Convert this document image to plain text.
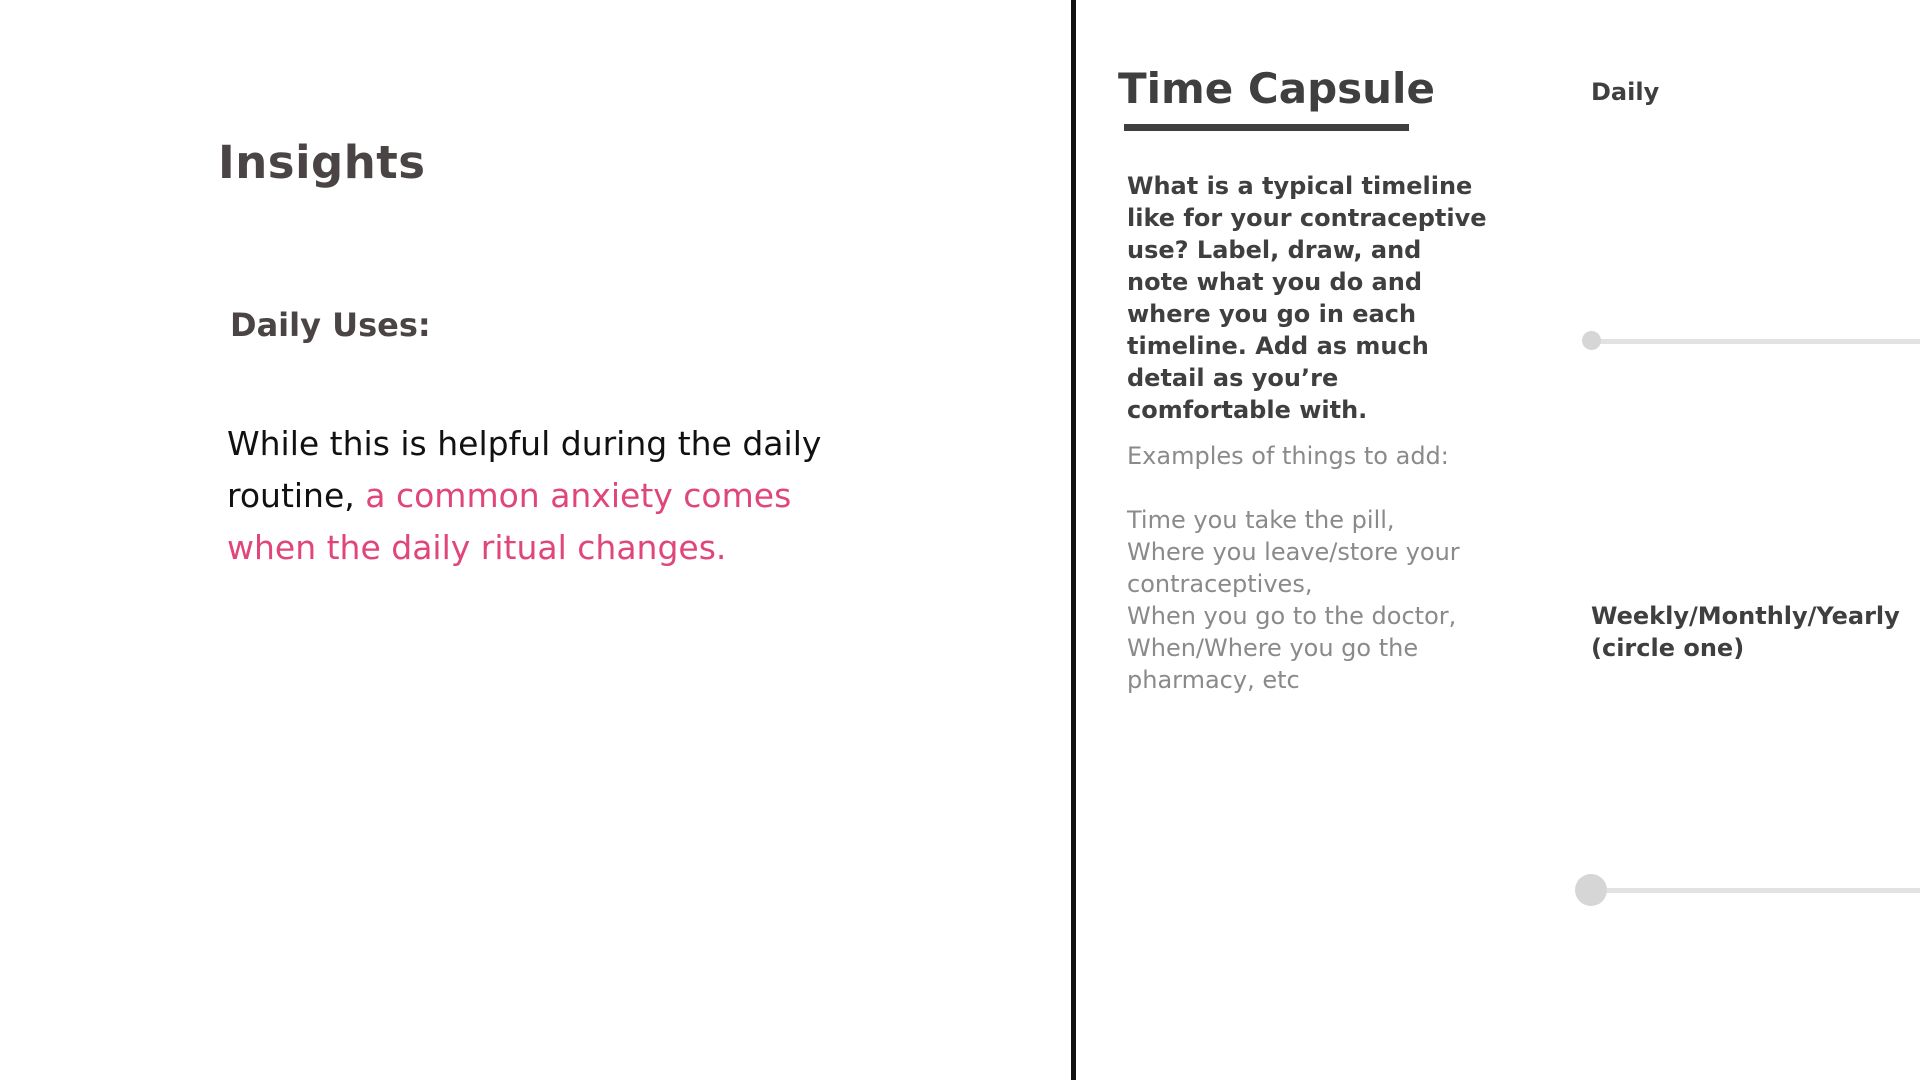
Insights
Daily Uses:
While this is helpful during the daily routine, a common anxiety comes when the daily ritual changes.
Time Capsule
What is a typical timeline like for your contraceptive use? Label, draw, and note what you do and where you go in each timeline. Add as much detail as you’re comfortable with.
Examples of things to add:
Time you take the pill,
Where you leave/store your
contraceptives,
When you go to the doctor,
When/Where you go the
pharmacy, etc
Daily
Weekly/Monthly/Yearly (circle one)
